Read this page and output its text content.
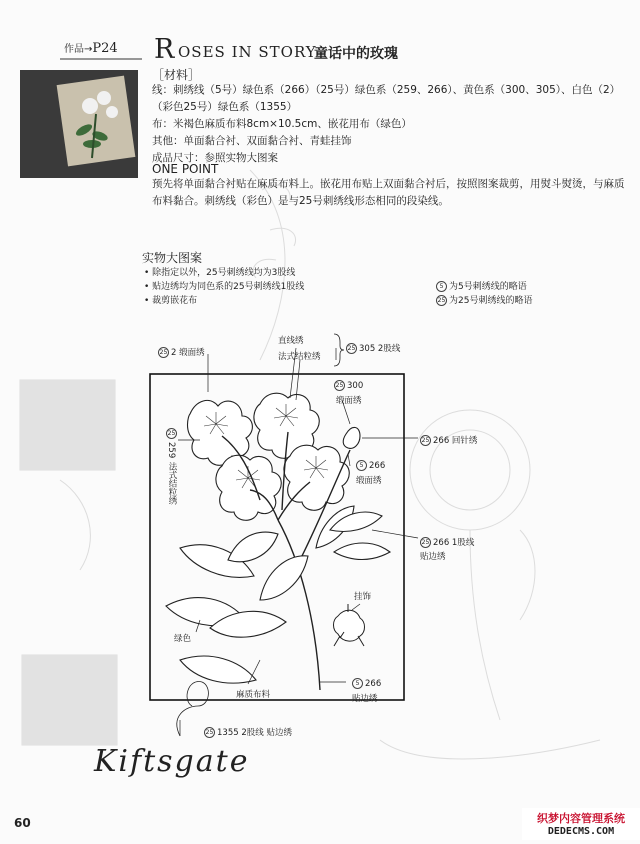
作品→P24 R OSES IN STORY
童话中的玫瑰
［材料］
线：刺绣线（5号）绿色系（266）（25号）绿色系（259、266）、黄色系（300、305）、白色（2）
（彩色25号）绿色系（1355）
布：米褐色麻质布料8cm×10.5cm、嵌花用布（绿色）
其他：单面黏合衬、双面黏合衬、青蛙挂饰
成品尺寸：参照实物大图案
ONE POINT
预先将单面黏合衬贴在麻质布料上。嵌花用布贴上双面黏合衬后，按照图案裁剪，用熨斗熨烫，与麻质
布料黏合。刺绣线（彩色）是与25号刺绣线形态相同的段染线。
实物大图案
• 除指定以外，25号刺绣线均为3股线
• 贴边绣均为同色系的25号刺绣线1股线
• 裁剪嵌花布
5 为5号刺绣线的略语
25 为25号刺绣线的略语
25 2 缎面绣
直线绣
法式结粒绣
25 305 2股线
25 300
缎面绣
25 266 回针绣
25
259
法式结粒绣	5 266
缎面绣
25 266 1股线
贴边绣
挂饰
绿色
麻质布料
5 266
贴边绣
25 1355 2股线 贴边绣
Kiftsgate
60	织梦内容管理系统
DEDECMS.COM
